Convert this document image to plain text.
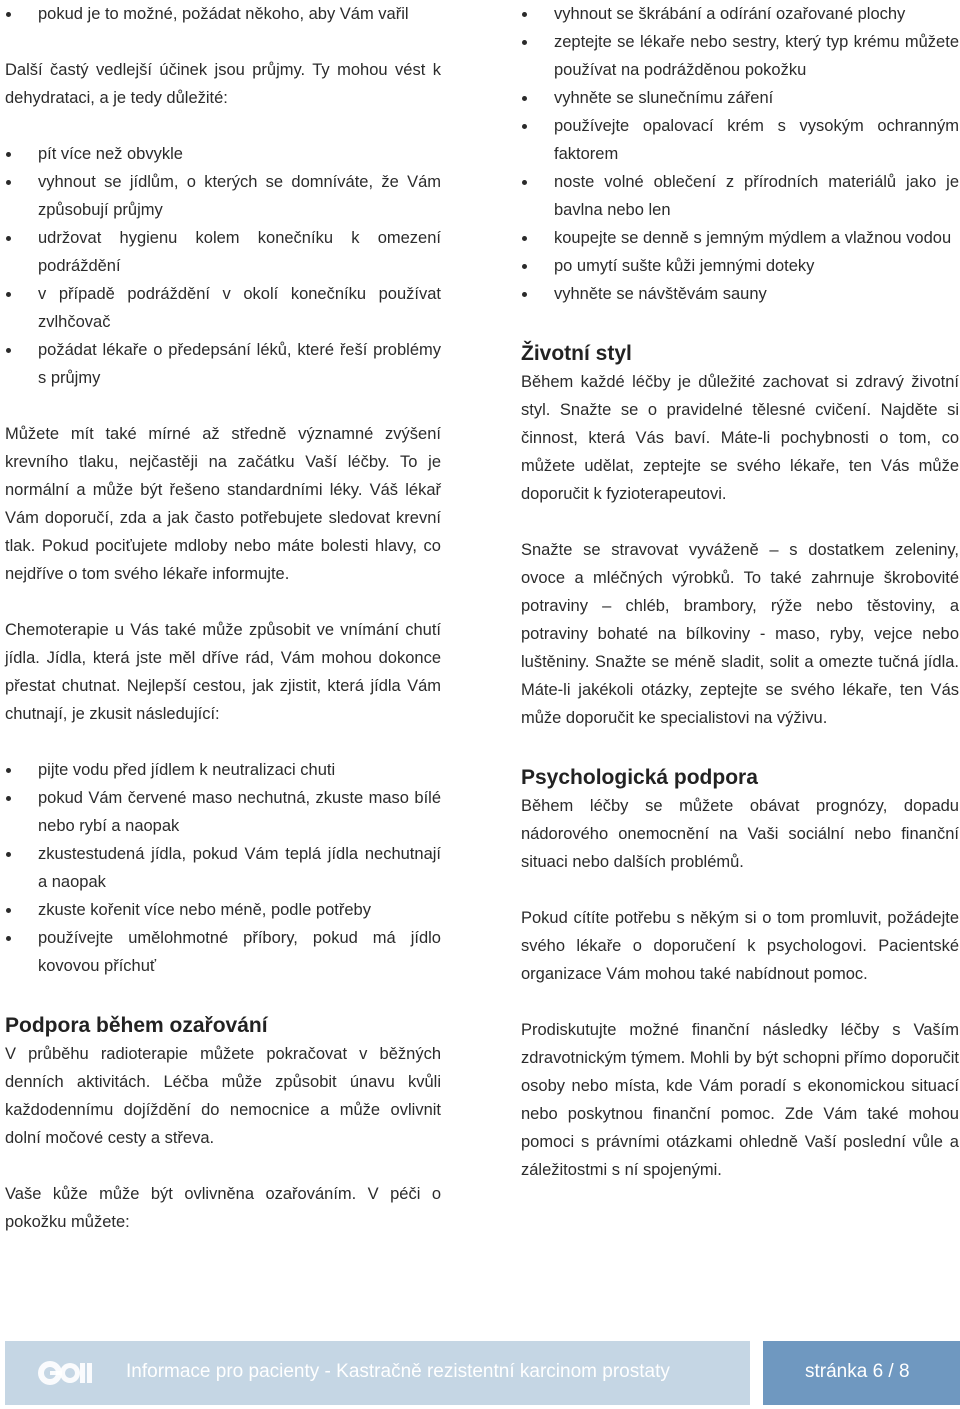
pokud je to možné, požádat někoho, aby Vám vařil

Další častý vedlejší účinek jsou průjmy. Ty mohou vést k dehydrataci, a je tedy důležité:

pít více než obvykle
vyhnout se jídlům, o kterých se domníváte, že Vám způsobují průjmy
udržovat hygienu kolem konečníku k omezení podráždění
v případě podráždění v okolí konečníku používat zvlhčovač
požádat lékaře o předepsání léků, které řeší problémy s průjmy

Můžete mít také mírné až středně významné zvýšení krevního tlaku, nejčastěji na začátku Vaší léčby. To je normální a může být řešeno standardními léky. Váš lékař Vám doporučí, zda a jak často potřebujete sledovat krevní tlak. Pokud pociťujete mdloby nebo máte bolesti hlavy, co nejdříve o tom svého lékaře informujte.

Chemoterapie u Vás také může způsobit ve vnímání chutí jídla. Jídla, která jste měl dříve rád, Vám mohou dokonce přestat chutnat. Nejlepší cestou, jak zjistit, která jídla Vám chutnají, je zkusit následující:

pijte vodu před jídlem k neutralizaci chuti
pokud Vám červené maso nechutná, zkuste maso bílé nebo rybí a naopak
zkustestudená jídla, pokud Vám teplá jídla nechutnají a naopak
zkuste kořenit více nebo méně, podle potřeby
používejte umělohmotné příbory, pokud má jídlo kovovou příchuť
Podpora během ozařování

V průběhu radioterapie můžete pokračovat v běžných denních aktivitách. Léčba může způsobit únavu kvůli každodennímu dojíždění do nemocnice a může ovlivnit dolní močové cesty a střeva.

Vaše kůže může být ovlivněna ozařováním. V péči o pokožku můžete:

vyhnout se škrábání a odírání ozařované plochy
zeptejte se lékaře nebo sestry, který typ krému můžete používat na podrážděnou pokožku
vyhněte se slunečnímu záření
používejte opalovací krém s vysokým ochranným faktorem
noste volné oblečení z přírodních materiálů jako je bavlna nebo len
koupejte se denně s jemným mýdlem a vlažnou vodou
po umytí sušte kůži jemnými doteky
vyhněte se návštěvám sauny
Životní styl

Během každé léčby je důležité zachovat si zdravý životní styl. Snažte se o pravidelné tělesné cvičení. Najděte si činnost, která Vás baví. Máte-li pochybnosti o tom, co můžete udělat, zeptejte se svého lékaře, ten Vás může doporučit k fyzioterapeutovi.

Snažte se stravovat vyváženě – s dostatkem zeleniny, ovoce a mléčných výrobků. To také zahrnuje škrobovité potraviny – chléb, brambory, rýže nebo těstoviny, a potraviny bohaté na bílkoviny - maso, ryby, vejce nebo luštěniny. Snažte se méně sladit, solit a omezte tučná jídla. Máte-li jakékoli otázky, zeptejte se svého lékaře, ten Vás může doporučit ke specialistovi na výživu.

Psychologická podpora

Během léčby se můžete obávat prognózy, dopadu nádorového onemocnění na Vaši sociální nebo finanční situaci nebo dalších problémů.

Pokud cítíte potřebu s někým si o tom promluvit, požádejte svého lékaře o doporučení k psychologovi. Pacientské organizace Vám mohou také nabídnout pomoc.

Prodiskutujte možné finanční následky léčby s Vaším zdravotnickým týmem. Mohli by být schopni přímo doporučit osoby nebo místa, kde Vám poradí s ekonomickou situací nebo poskytnou finanční pomoc. Zde Vám také mohou pomoci s právními otázkami ohledně Vaší poslední vůle a záležitostmi s ní spojenými.

Informace pro pacienty - Kastračně rezistentní karcinom prostaty	stránka 6 / 8
